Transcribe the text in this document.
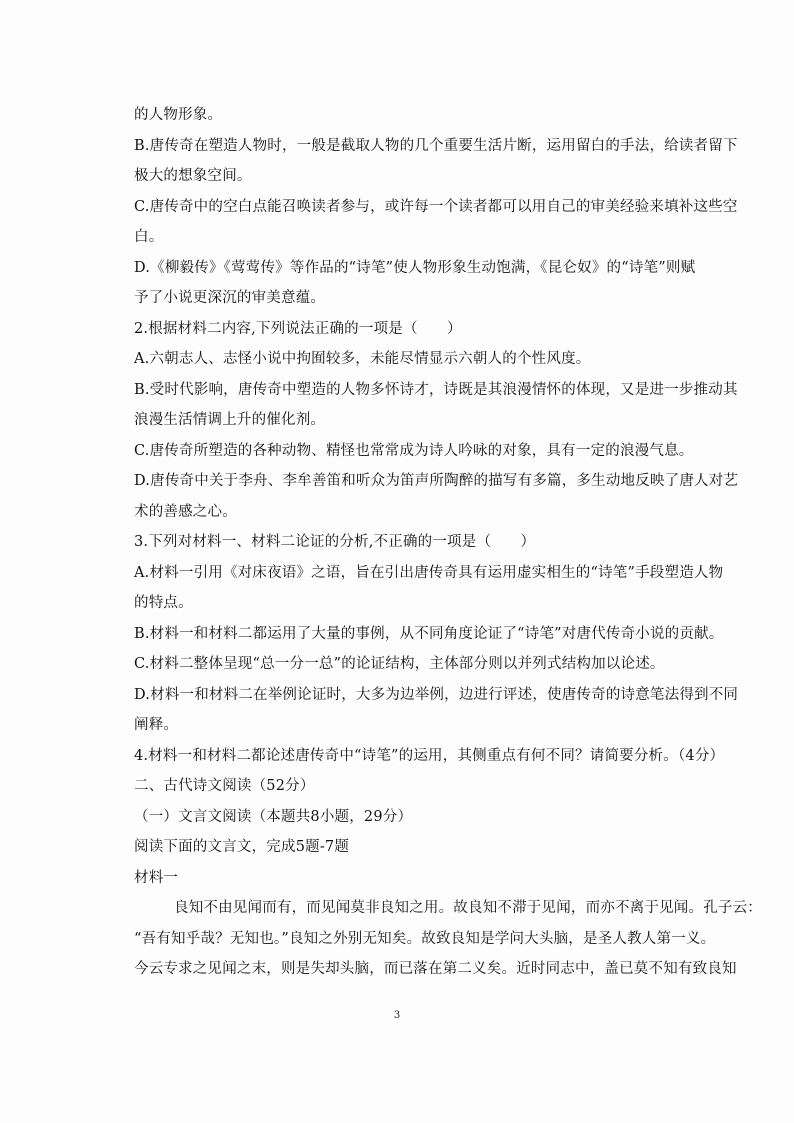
的人物形象。
B.唐传奇在塑造人物时，一般是截取人物的几个重要生活片断，运用留白的手法，给读者留下
极大的想象空间。
C.唐传奇中的空白点能召唤读者参与，或许每一个读者都可以用自己的审美经验来填补这些空
白。
D.《柳毅传》《莺莺传》等作品的“诗笔”使人物形象生动饱满，《昆仑奴》的“诗笔”则赋
予了小说更深沉的审美意蕴。
2.根据材料二内容,下列说法正确的一项是（　　）
A.六朝志人、志怪小说中拘囿较多，未能尽情显示六朝人的个性风度。
B.受时代影响，唐传奇中塑造的人物多怀诗才，诗既是其浪漫情怀的体现，又是进一步推动其
浪漫生活情调上升的催化剂。
C.唐传奇所塑造的各种动物、精怪也常常成为诗人吟咏的对象，具有一定的浪漫气息。
D.唐传奇中关于李舟、李牟善笛和听众为笛声所陶醉的描写有多篇，多生动地反映了唐人对艺
术的善感之心。
3.下列对材料一、材料二论证的分析,不正确的一项是（　　）
A.材料一引用《对床夜语》之语，旨在引出唐传奇具有运用虚实相生的“诗笔”手段塑造人物
的特点。
B.材料一和材料二都运用了大量的事例，从不同角度论证了“诗笔”对唐代传奇小说的贡献。
C.材料二整体呈现“总一分一总”的论证结构，主体部分则以并列式结构加以论述。
D.材料一和材料二在举例论证时，大多为边举例，边进行评述，使唐传奇的诗意笔法得到不同
阐释。
4.材料一和材料二都论述唐传奇中“诗笔”的运用，其侧重点有何不同？请简要分析。（4分）
二、古代诗文阅读（52分）
（一）文言文阅读（本题共8小题，29分）
阅读下面的文言文，完成5题-7题
材料一
良知不由见闻而有，而见闻莫非良知之用。故良知不滞于见闻，而亦不离于见闻。孔子云：
“吾有知乎哉？无知也。”良知之外别无知矣。故致良知是学问大头脑，是圣人教人第一义。
今云专求之见闻之末，则是失却头脑，而已落在第二义矣。近时同志中，盖已莫不知有致良知
3
